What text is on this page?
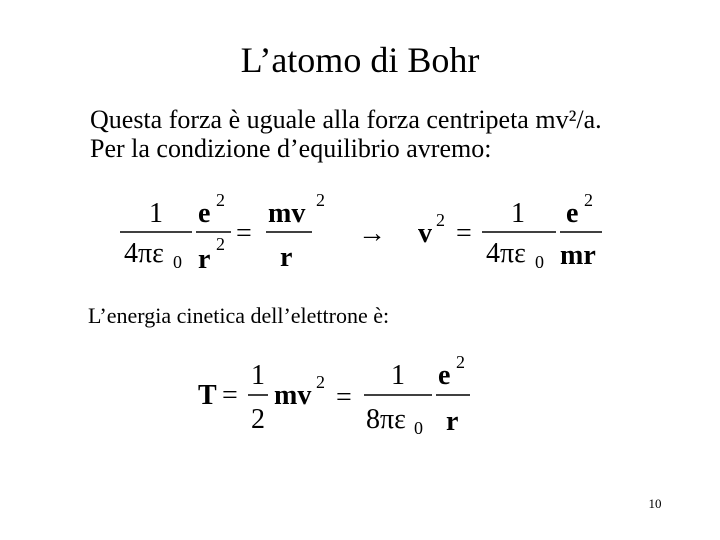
L’atomo di Bohr
Questa forza è uguale alla forza centripeta mv²/a.
Per la condizione d’equilibrio avremo:
1
4πε 0
e 2
r 2 =
mv 2
r
→ v 2 =
1
4πε 0
e 2
mr
T =
1
2
mv 2 =
1
8πε 0
e 2
r
L’energia cinetica dell’elettrone è:
10
